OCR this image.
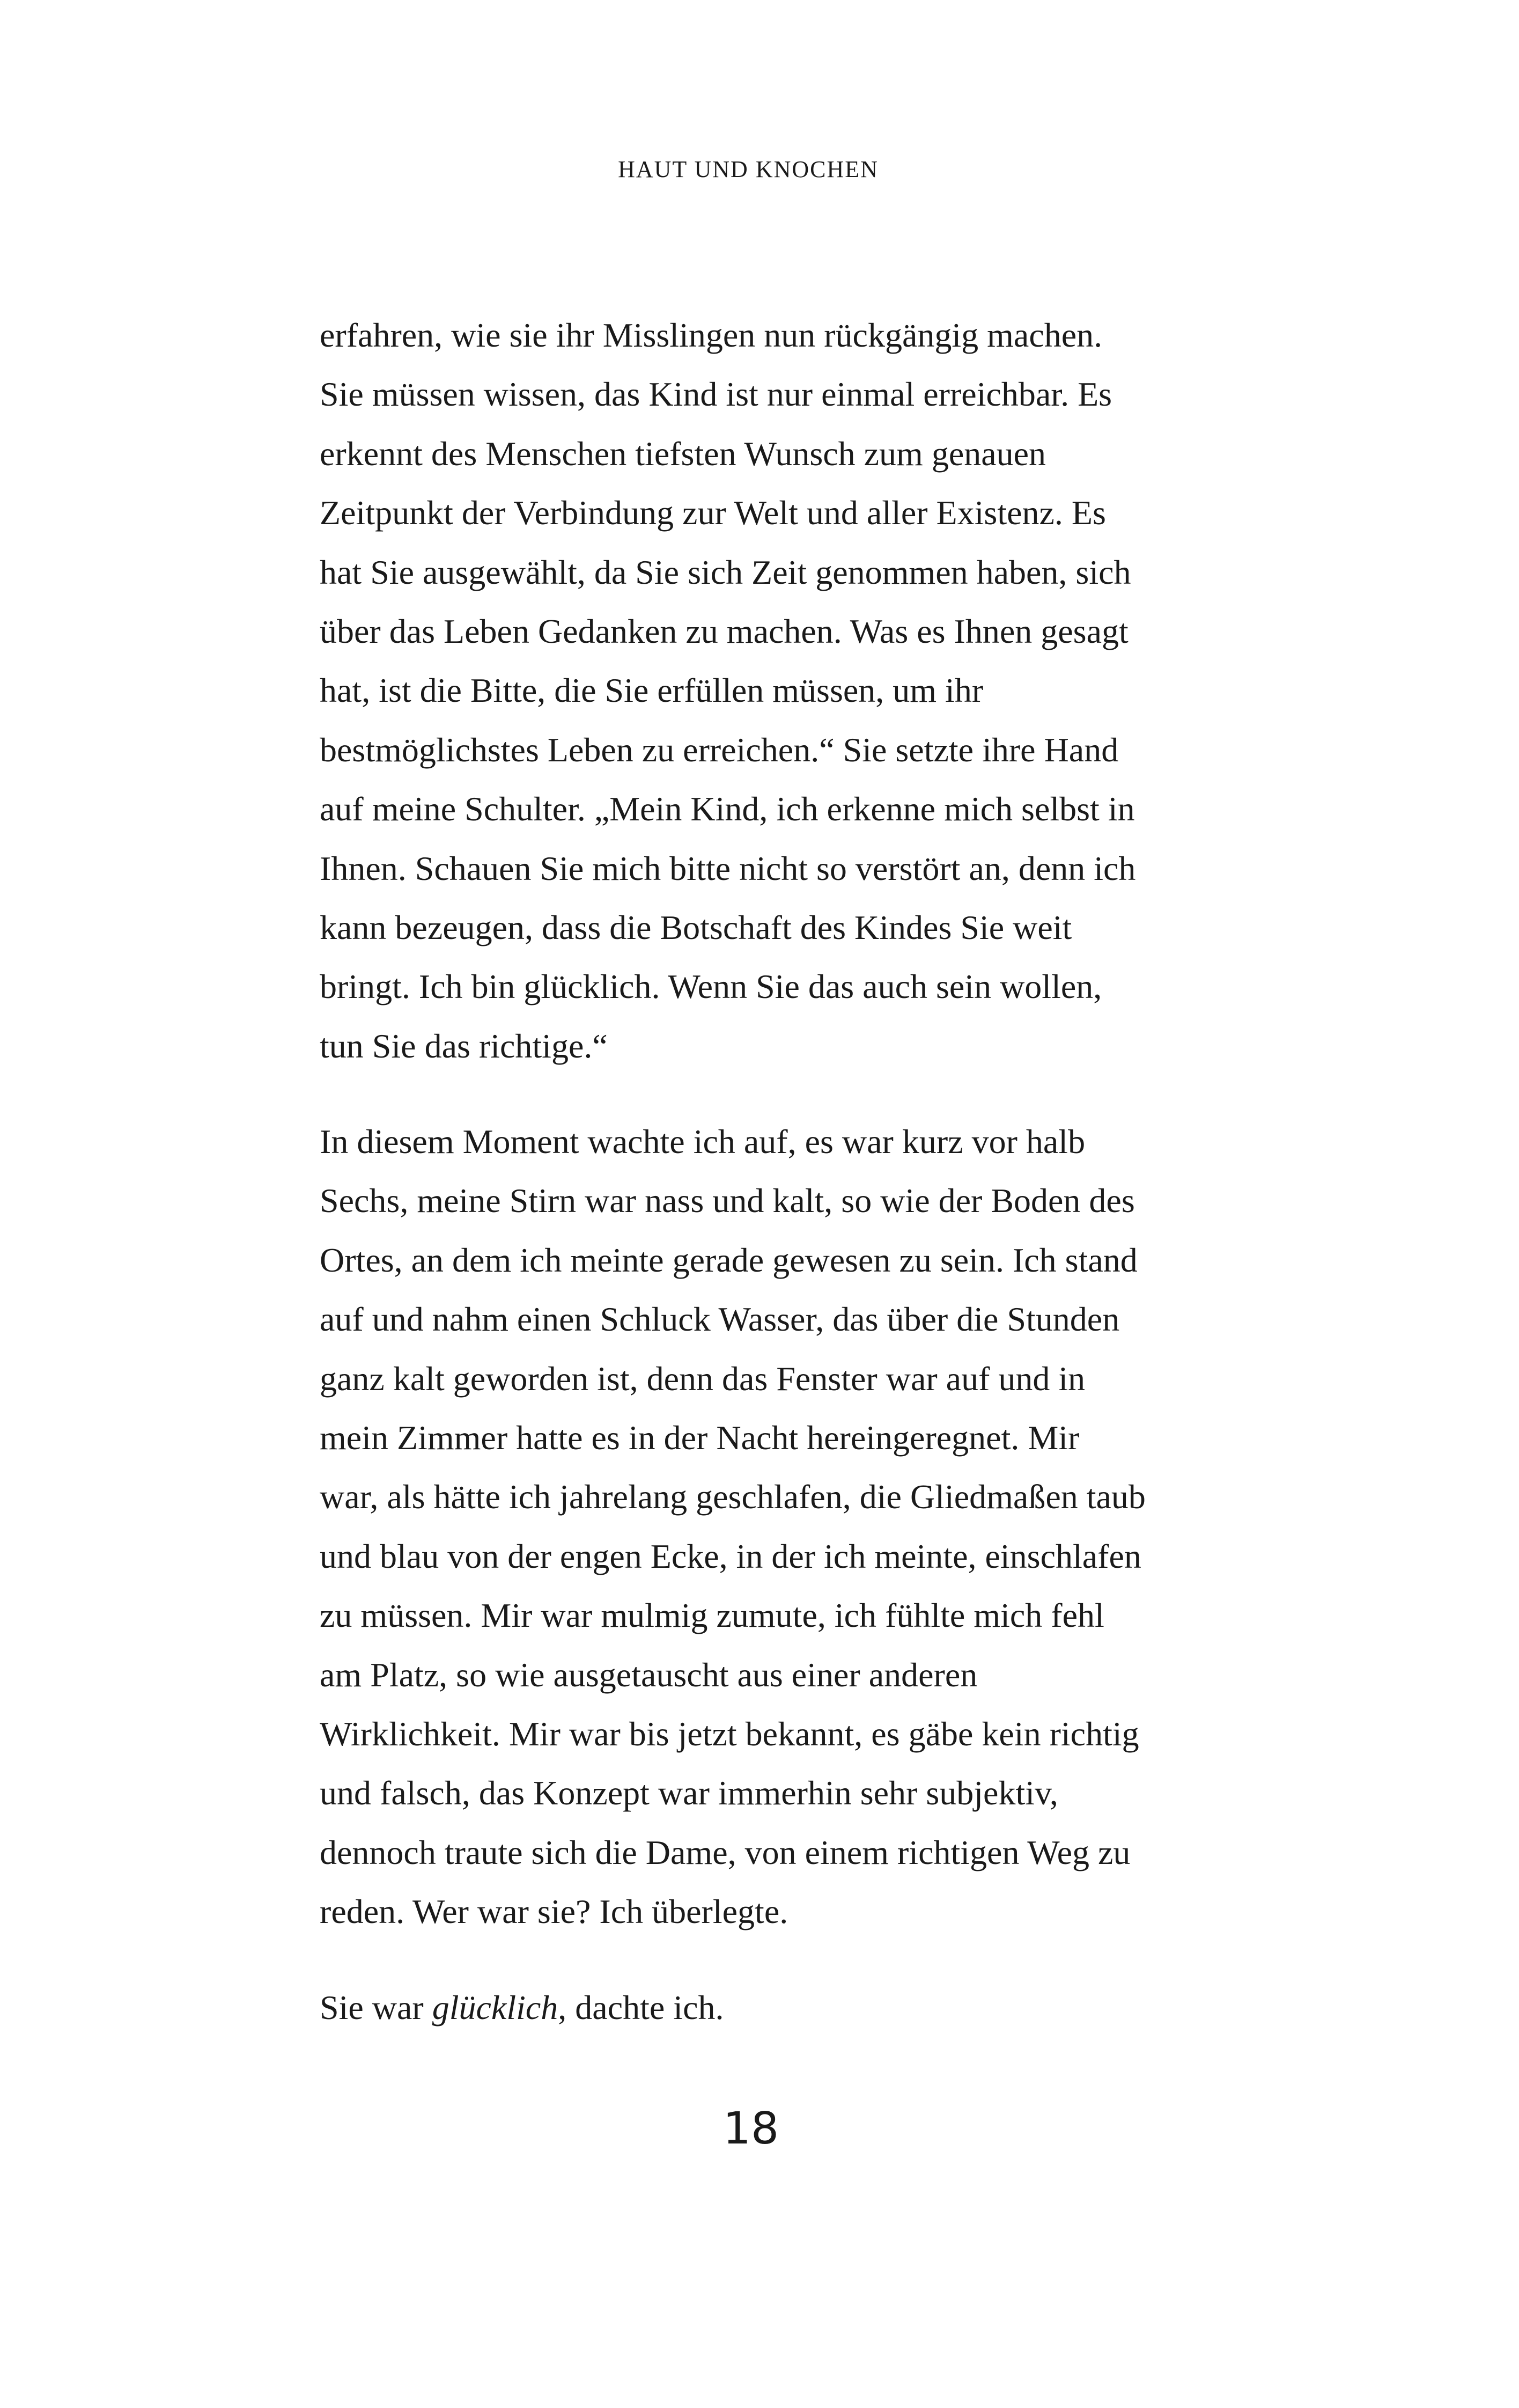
HAUT UND KNOCHEN
erfahren, wie sie ihr Misslingen nun rückgängig machen.
Sie müssen wissen, das Kind ist nur einmal erreichbar. Es
erkennt des Menschen tiefsten Wunsch zum genauen
Zeitpunkt der Verbindung zur Welt und aller Existenz. Es
hat Sie ausgewählt, da Sie sich Zeit genommen haben, sich
über das Leben Gedanken zu machen. Was es Ihnen gesagt
hat, ist die Bitte, die Sie erfüllen müssen, um ihr
bestmöglichstes Leben zu erreichen.“ Sie setzte ihre Hand
auf meine Schulter. „Mein Kind, ich erkenne mich selbst in
Ihnen. Schauen Sie mich bitte nicht so verstört an, denn ich
kann bezeugen, dass die Botschaft des Kindes Sie weit
bringt. Ich bin glücklich. Wenn Sie das auch sein wollen,
tun Sie das richtige.“
In diesem Moment wachte ich auf, es war kurz vor halb
Sechs, meine Stirn war nass und kalt, so wie der Boden des
Ortes, an dem ich meinte gerade gewesen zu sein. Ich stand
auf und nahm einen Schluck Wasser, das über die Stunden
ganz kalt geworden ist, denn das Fenster war auf und in
mein Zimmer hatte es in der Nacht hereingeregnet. Mir
war, als hätte ich jahrelang geschlafen, die Gliedmaßen taub
und blau von der engen Ecke, in der ich meinte, einschlafen
zu müssen. Mir war mulmig zumute, ich fühlte mich fehl
am Platz, so wie ausgetauscht aus einer anderen
Wirklichkeit. Mir war bis jetzt bekannt, es gäbe kein richtig
und falsch, das Konzept war immerhin sehr subjektiv,
dennoch traute sich die Dame, von einem richtigen Weg zu
reden. Wer war sie? Ich überlegte.
Sie war glücklich, dachte ich.
18
